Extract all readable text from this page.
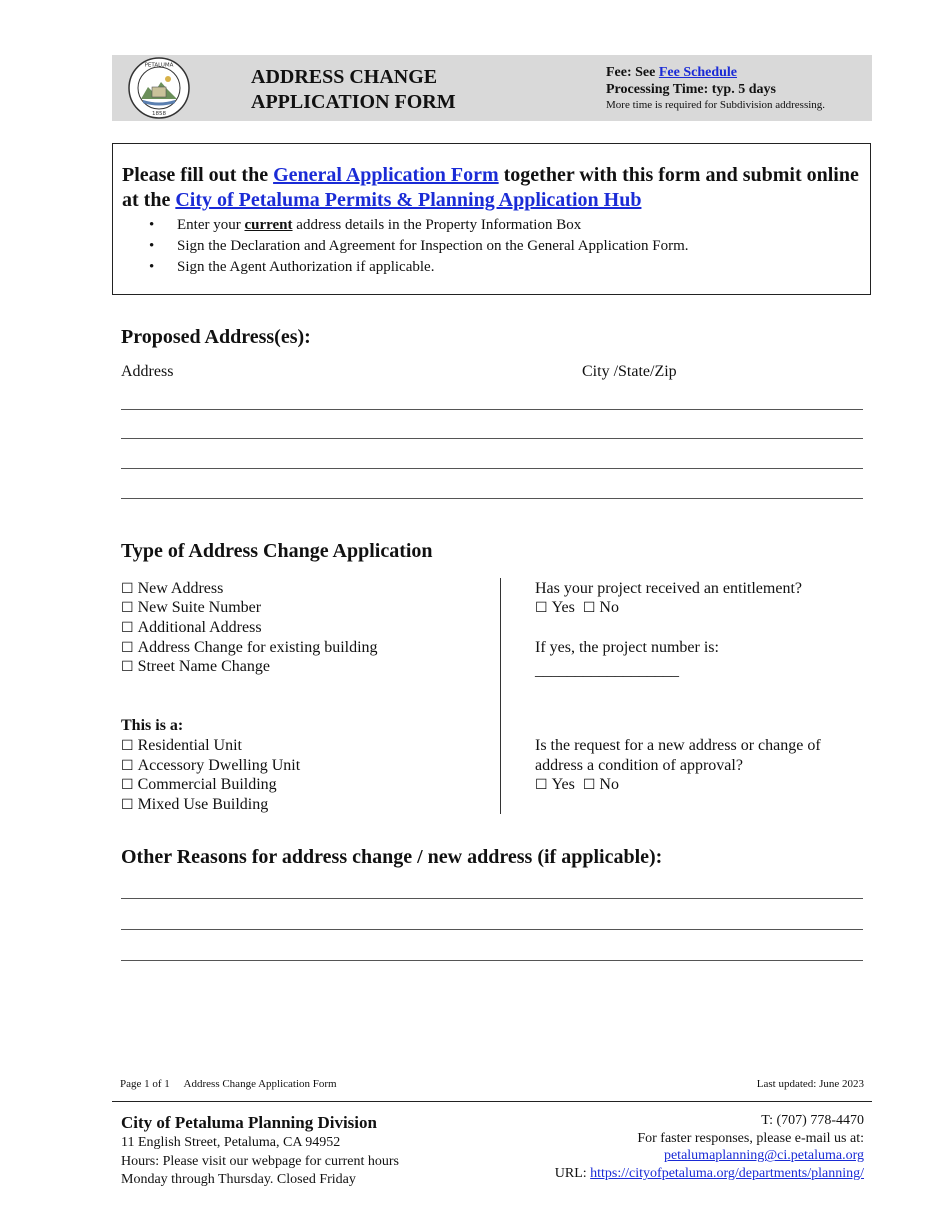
PETALUMA
1858
ADDRESS CHANGE
APPLICATION FORM
Fee: See Fee Schedule
Processing Time: typ. 5 days
More time is required for Subdivision addressing.
Please fill out the General Application Form together with this form and submit online at the City of Petaluma Permits & Planning Application Hub
• Enter your current address details in the Property Information Box
• Sign the Declaration and Agreement for Inspection on the General Application Form.
• Sign the Agent Authorization if applicable.
Proposed Address(es):
Address	City /State/Zip
Type of Address Change Application
☐ New Address
☐ New Suite Number
☐ Additional Address
☐ Address Change for existing building
☐ Street Name Change
This is a:
☐ Residential Unit
☐ Accessory Dwelling Unit
☐ Commercial Building
☐ Mixed Use Building
Has your project received an entitlement?
☐ Yes ☐ No
If yes, the project number is:
__________________
Is the request for a new address or change of
address a condition of approval?
☐ Yes ☐ No
Other Reasons for address change / new address (if applicable):
Page 1 of 1 Address Change Application Form	Last updated: June 2023
City of Petaluma Planning Division
11 English Street, Petaluma, CA 94952
Hours: Please visit our webpage for current hours
Monday through Thursday. Closed Friday
T: (707) 778-4470
For faster responses, please e-mail us at:
petalumaplanning@ci.petaluma.org
URL: https://cityofpetaluma.org/departments/planning/
